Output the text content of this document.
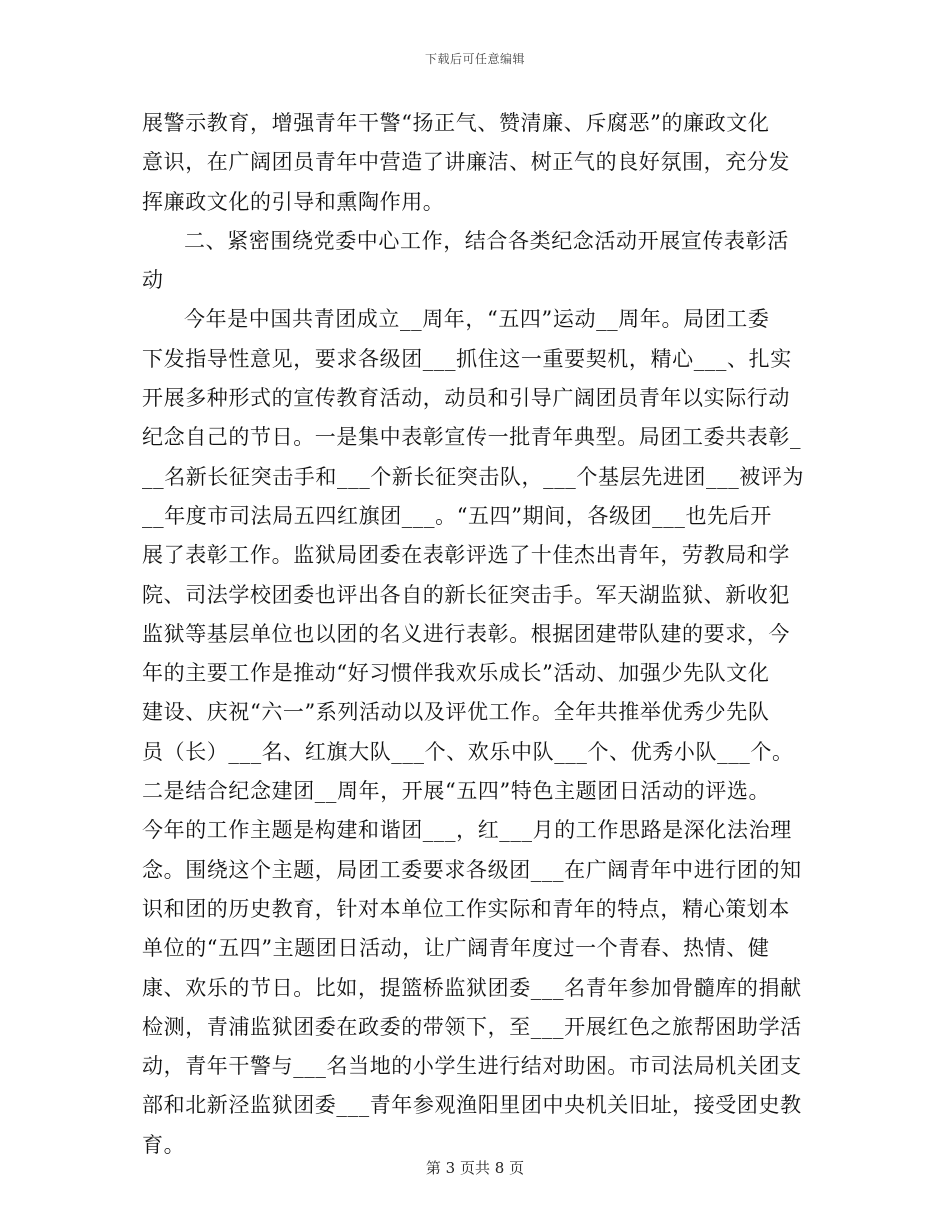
下载后可任意编辑
展警示教育，增强青年干警“扬正气、赞清廉、斥腐恶”的廉政文化
意识，在广阔团员青年中营造了讲廉洁、树正气的良好氛围，充分发
挥廉政文化的引导和熏陶作用。
二、紧密围绕党委中心工作，结合各类纪念活动开展宣传表彰活
动
今年是中国共青团成立__周年，“五四”运动__周年。局团工委
下发指导性意见，要求各级团___抓住这一重要契机，精心___、扎实
开展多种形式的宣传教育活动，动员和引导广阔团员青年以实际行动
纪念自己的节日。一是集中表彰宣传一批青年典型。局团工委共表彰_
__名新长征突击手和___个新长征突击队，___个基层先进团___被评为
__年度市司法局五四红旗团___。“五四”期间，各级团___也先后开
展了表彰工作。监狱局团委在表彰评选了十佳杰出青年，劳教局和学
院、司法学校团委也评出各自的新长征突击手。军天湖监狱、新收犯
监狱等基层单位也以团的名义进行表彰。根据团建带队建的要求，今
年的主要工作是推动“好习惯伴我欢乐成长”活动、加强少先队文化
建设、庆祝“六一”系列活动以及评优工作。全年共推举优秀少先队
员（长）___名、红旗大队___个、欢乐中队___个、优秀小队___个。
二是结合纪念建团__周年，开展“五四”特色主题团日活动的评选。
今年的工作主题是构建和谐团___，红___月的工作思路是深化法治理
念。围绕这个主题，局团工委要求各级团___在广阔青年中进行团的知
识和团的历史教育，针对本单位工作实际和青年的特点，精心策划本
单位的“五四”主题团日活动，让广阔青年度过一个青春、热情、健
康、欢乐的节日。比如，提篮桥监狱团委___名青年参加骨髓库的捐献
检测，青浦监狱团委在政委的带领下，至___开展红色之旅帮困助学活
动，青年干警与___名当地的小学生进行结对助困。市司法局机关团支
部和北新泾监狱团委___青年参观渔阳里团中央机关旧址，接受团史教
育。
第 3 页共 8 页
